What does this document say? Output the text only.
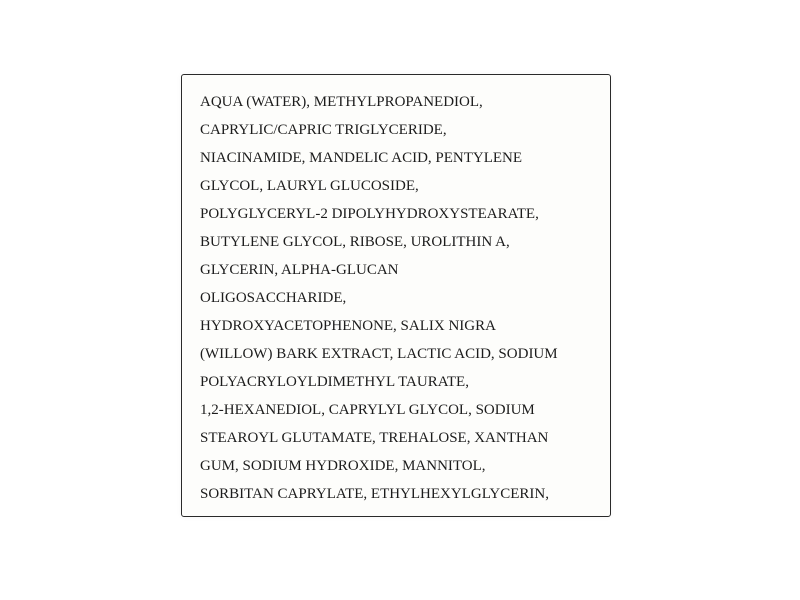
AQUA (WATER), METHYLPROPANEDIOL,
CAPRYLIC/CAPRIC TRIGLYCERIDE,
NIACINAMIDE, MANDELIC ACID, PENTYLENE
GLYCOL, LAURYL GLUCOSIDE,
POLYGLYCERYL-2 DIPOLYHYDROXYSTEARATE,
BUTYLENE GLYCOL, RIBOSE, UROLITHIN A,
GLYCERIN, ALPHA-GLUCAN
OLIGOSACCHARIDE,
HYDROXYACETOPHENONE, SALIX NIGRA
(WILLOW) BARK EXTRACT, LACTIC ACID, SODIUM
POLYACRYLOYLDIMETHYL TAURATE,
1,2-HEXANEDIOL, CAPRYLYL GLYCOL, SODIUM
STEAROYL GLUTAMATE, TREHALOSE, XANTHAN
GUM, SODIUM HYDROXIDE, MANNITOL,
SORBITAN CAPRYLATE, ETHYLHEXYLGLYCERIN,
